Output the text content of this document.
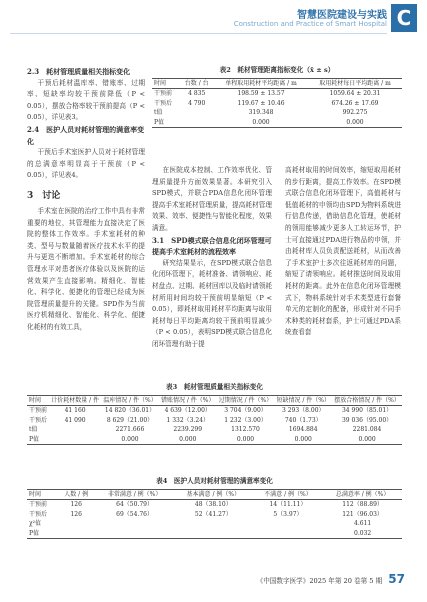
智慧医院建设与实践
Construction and Practice of Smart Hospital C
2.3　耗材管理质量相关指标变化

干预后耗材温库率、错账率、过期率、短缺率均较干预前降低（P < 0.05），摆放合格率较干预前提高（P < 0.05），详见表3。

2.4　医护人员对耗材管理的满意率变化

干预后手术室医护人员对于耗材管理的总满意率明显高于干预前（P < 0.05），详见表4。

3　讨论

手术室在医院的治疗工作中具有非常重要的地位，其管理能力直接决定了医院的整体工作效率。手术室耗材的种类、型号与数量随着医疗技术水平的提升与更迭不断增加。手术室耗材的综合管理水平对患者医疗体验以及医院的运营效果产生直接影响。精细化、智能化、科学化、便捷化的管理已经成为医院管理质量提升的关键。SPD作为当前医疗机精细化、智能化、科学化、便捷化耗材的有效工具，

表2　耗材管理距离指标变化（x̄ ± s）
时间	台数 / 台	单程取用耗材平均距离 / m	取用耗材每日平均距离 / m
干预前	4 835	198.59 ± 13.57	1059.64 ± 20.31
干预后	4 790	119.67 ± 10.46	674.26 ± 17.69
t值		319.348	992.275
P值		0.000	0.000

在医院成本控制、工作效率优化、管理质量提升方面效果显著。本研究引入SPD模式，并联合PDA信息化闭环管理提高手术室耗材管理质量，提高耗材管理效果、效率、便捷性与智能化程度，效果满意。

3.1　SPD模式联合信息化闭环管理可提高手术室耗材的流程效率

研究结果显示，在SPD模式联合信息化闭环管理下，耗材准备、请领响应、耗材盘点、过期、耗材回库以及临时请领耗材所用时间均较干预前明显缩短（P < 0.05），即耗材取用耗材平均距离与取用耗材每日平均距离均较干预前明显减少（P < 0.05），表明SPD模式联合信息化闭环管理有助于提

高耗材取用的时间效率，缩短取用耗材的步行距离，提高工作效率。在SPD模式联合信息化闭环管理下，高值耗材与低值耗材的申领均由SPD为物料系统进行信息传递，借助信息化管理，使耗材的领用能够减少更多人工转运环节，护士可直接通过PDA进行物品的申领，并由耗材库人员负责配送耗材，从而改善了手术室护士多次往返耗材库的问题，缩短了请领响应。耗材推送时间及取用耗材的距离。此外在信息化闭环管理模式下，物料系统针对手术类型进行套餐单元的定制化的配备，形成针对不同手术种类的耗材套系，护士可通过PDA系统查看套

表3　耗材管理质量相关指标变化
时间	计价耗材数量 / 件	温库情况 / 件（%）	错账情况 / 件（%）	过期情况 / 件（%）	短缺情况 / 件（%）	摆放合格情况 / 件（%）
干预前	41 160	14 820（36.01）	4 639（12.00）	3 704（9.00）	3 293（8.00）	34 990（85.01）
干预后	41 090	8 629（21.00）	1 332（3.24）	1 232（3.00）	740（1.73）	39 036（95.00）
t值		2271.666	2239.299	1312.570	1694.884	2281.084
P值		0.000	0.000	0.000	0.000	0.000
表4　医护人员对耗材管理的满意率变化
时间	人数 / 例	非常满意 / 例（%）	基本满意 / 例（%）	不满意 / 例（%）	总满意率 / 例（%）
干预前	126	64（50.79）	48（38.10）	14（11.11）	112（88.89）
干预后	126	69（54.76）	52（41.27）	5（3.97）	121（96.03）
χ²值					4.611
P值					0.032
《中国数字医学》2025 年第 20 卷第 5 期 57
